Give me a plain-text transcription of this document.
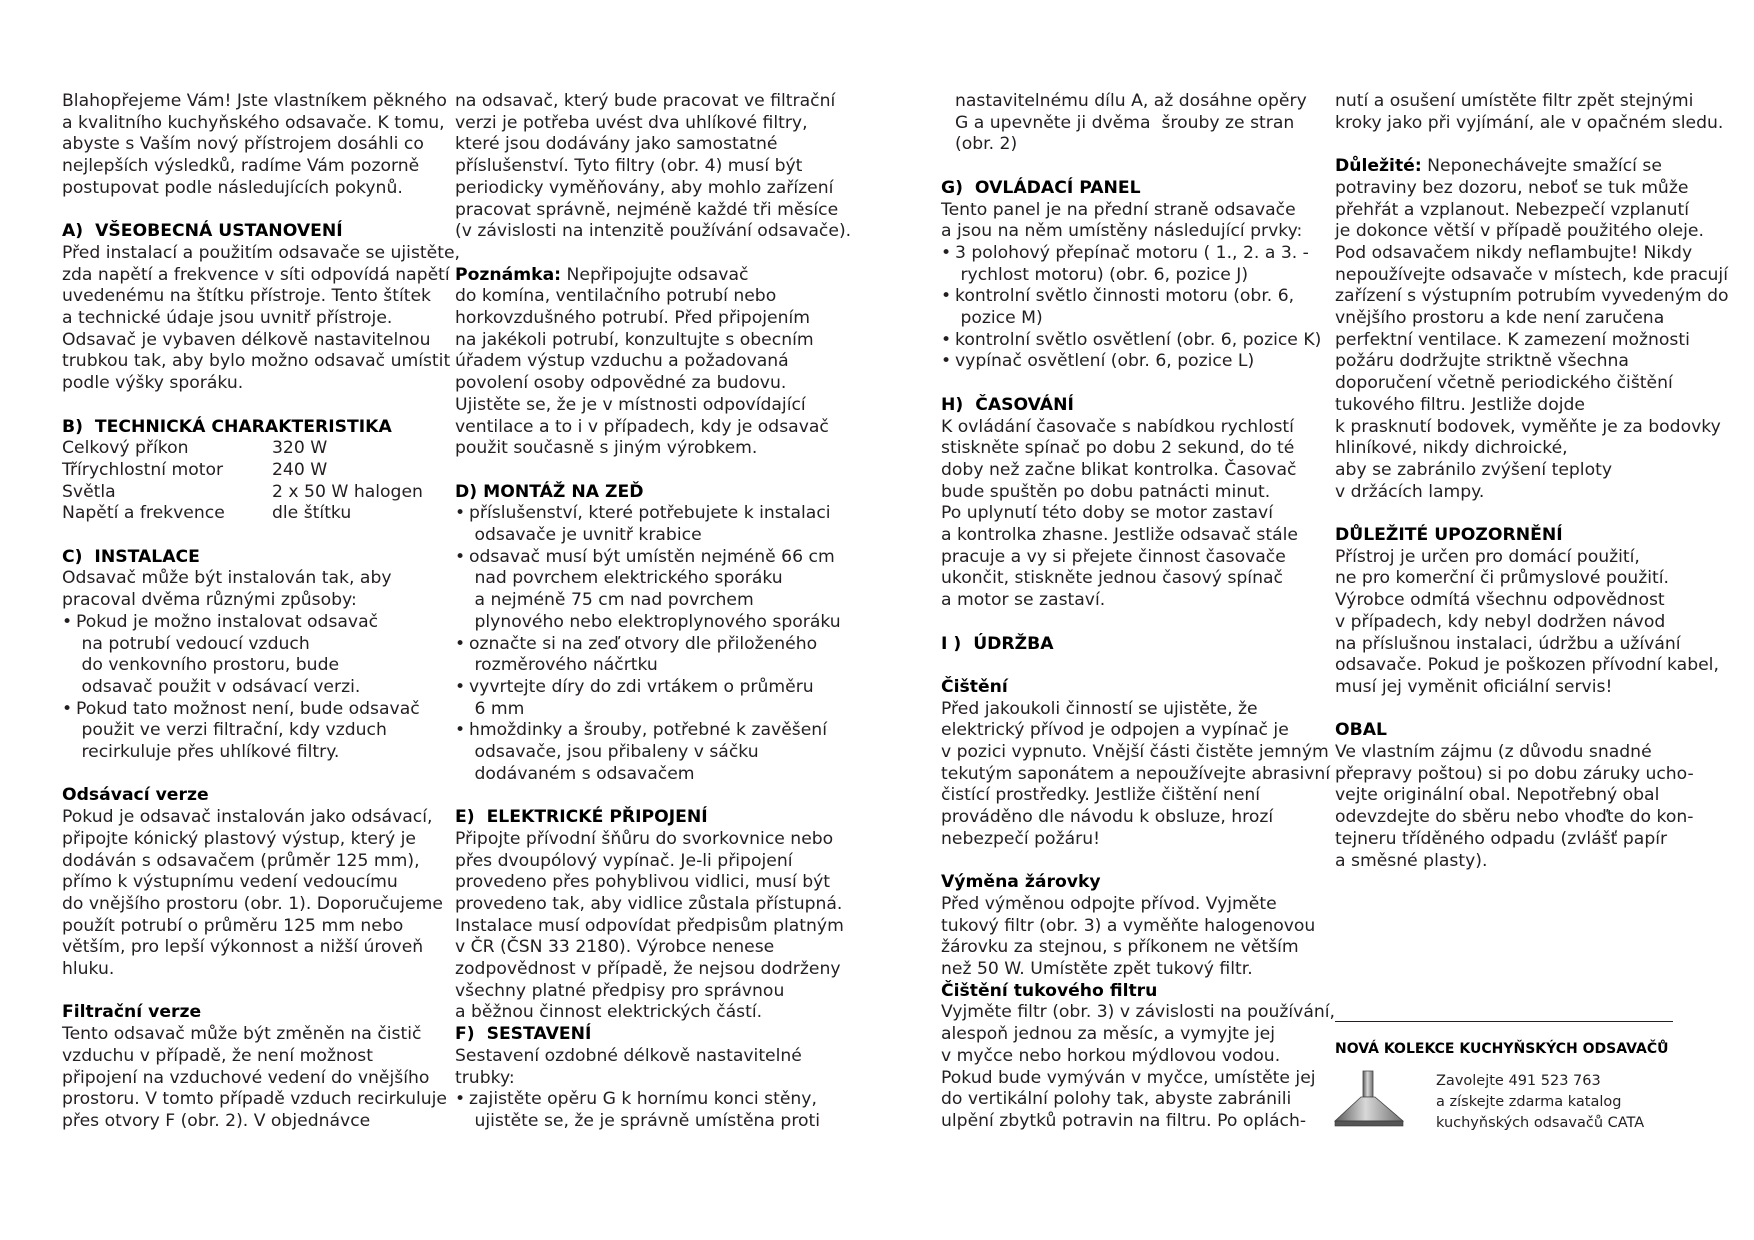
Blahopřejeme Vám! Jste vlastníkem pěkného

a kvalitního kuchyňského odsavače. K tomu,

abyste s Vaším nový přístrojem dosáhli co

nejlepších výsledků, radíme Vám pozorně

postupovat podle následujících pokynů.

A)  VŠEOBECNÁ USTANOVENÍ

Před instalací a použitím odsavače se ujistěte,

zda napětí a frekvence v síti odpovídá napětí

uvedenému na štítku přístroje. Tento štítek

a technické údaje jsou uvnitř přístroje.

Odsavač je vybaven délkově nastavitelnou

trubkou tak, aby bylo možno odsavač umístit

podle výšky sporáku.

B)  TECHNICKÁ CHARAKTERISTIKA

Celkový příkon	320 W
Třírychlostní motor	240 W
Světla	2 x 50 W halogen
Napětí a frekvence	dle štítku

C)  INSTALACE

Odsavač může být instalován tak, aby

pracoval dvěma různými způsoby:

• Pokud je možno instalovat odsavač
na potrubí vedoucí vzduch
do venkovního prostoru, bude
odsavač použit v odsávací verzi.
• Pokud tato možnost není, bude odsavač
použit ve verzi filtrační, kdy vzduch
recirkuluje přes uhlíkové filtry.

Odsávací verze

Pokud je odsavač instalován jako odsávací,

připojte kónický plastový výstup, který je

dodáván s odsavačem (průměr 125 mm),

přímo k výstupnímu vedení vedoucímu

do vnějšího prostoru (obr. 1). Doporučujeme

použít potrubí o průměru 125 mm nebo

větším, pro lepší výkonnost a nižší úroveň

hluku.

Filtrační verze

Tento odsavač může být změněn na čistič

vzduchu v případě, že není možnost

připojení na vzduchové vedení do vnějšího

prostoru. V tomto případě vzduch recirkuluje

přes otvory F (obr. 2). V objednávce

na odsavač, který bude pracovat ve filtrační

verzi je potřeba uvést dva uhlíkové filtry,

které jsou dodávány jako samostatné

příslušenství. Tyto filtry (obr. 4) musí být

periodicky vyměňovány, aby mohlo zařízení

pracovat správně, nejméně každé tři měsíce

(v závislosti na intenzitě používání odsavače).

Poznámka: Nepřipojujte odsavač

do komína, ventilačního potrubí nebo

horkovzdušného potrubí. Před připojením

na jakékoli potrubí, konzultujte s obecním

úřadem výstup vzduchu a požadovaná

povolení osoby odpovědné za budovu.

Ujistěte se, že je v místnosti odpovídající

ventilace a to i v případech, kdy je odsavač

použit současně s jiným výrobkem.

D) MONTÁŽ NA ZEĎ

• příslušenství, které potřebujete k instalaci
odsavače je uvnitř krabice
• odsavač musí být umístěn nejméně 66 cm
nad povrchem elektrického sporáku
a nejméně 75 cm nad povrchem
plynového nebo elektroplynového sporáku
• označte si na zeď otvory dle přiloženého
rozměrového náčrtku
• vyvrtejte díry do zdi vrtákem o průměru
6 mm
• hmoždinky a šrouby, potřebné k zavěšení
odsavače, jsou přibaleny v sáčku
dodávaném s odsavačem

E)  ELEKTRICKÉ PŘIPOJENÍ

Připojte přívodní šňůru do svorkovnice nebo

přes dvoupólový vypínač. Je-li připojení

provedeno přes pohyblivou vidlici, musí být

provedeno tak, aby vidlice zůstala přístupná.

Instalace musí odpovídat předpisům platným

v ČR (ČSN 33 2180). Výrobce nenese

zodpovědnost v případě, že nejsou dodrženy

všechny platné předpisy pro správnou

a běžnou činnost elektrických částí.

F)  SESTAVENÍ

Sestavení ozdobné délkově nastavitelné

trubky:

• zajistěte opěru G k hornímu konci stěny,
ujistěte se, že je správně umístěna proti

nastavitelnému dílu A, až dosáhne opěry

G a upevněte ji dvěma  šrouby ze stran

(obr. 2)

G)  OVLÁDACÍ PANEL

Tento panel je na přední straně odsavače

a jsou na něm umístěny následující prvky:

• 3 polohový přepínač motoru ( 1., 2. a 3. -
rychlost motoru) (obr. 6, pozice J)
• kontrolní světlo činnosti motoru (obr. 6,
pozice M)
• kontrolní světlo osvětlení (obr. 6, pozice K)
• vypínač osvětlení (obr. 6, pozice L)

H)  ČASOVÁNÍ

K ovládání časovače s nabídkou rychlostí

stiskněte spínač po dobu 2 sekund, do té

doby než začne blikat kontrolka. Časovač

bude spuštěn po dobu patnácti minut.

Po uplynutí této doby se motor zastaví

a kontrolka zhasne. Jestliže odsavač stále

pracuje a vy si přejete činnost časovače

ukončit, stiskněte jednou časový spínač

a motor se zastaví.

I )  ÚDRŽBA

Čištění

Před jakoukoli činností se ujistěte, že

elektrický přívod je odpojen a vypínač je

v pozici vypnuto. Vnější části čistěte jemným

tekutým saponátem a nepoužívejte abrasivní

čistící prostředky. Jestliže čištění není

prováděno dle návodu k obsluze, hrozí

nebezpečí požáru!

Výměna žárovky

Před výměnou odpojte přívod. Vyjměte

tukový filtr (obr. 3) a vyměňte halogenovou

žárovku za stejnou, s příkonem ne větším

než 50 W. Umístěte zpět tukový filtr.

Čištění tukového filtru

Vyjměte filtr (obr. 3) v závislosti na používání,

alespoň jednou za měsíc, a vymyjte jej

v myčce nebo horkou mýdlovou vodou.

Pokud bude vymýván v myčce, umístěte jej

do vertikální polohy tak, abyste zabránili

ulpění zbytků potravin na filtru. Po oplách-

nutí a osušení umístěte filtr zpět stejnými

kroky jako při vyjímání, ale v opačném sledu.

Důležité: Neponechávejte smažící se

potraviny bez dozoru, neboť se tuk může

přehřát a vzplanout. Nebezpečí vzplanutí

je dokonce větší v případě použitého oleje.

Pod odsavačem nikdy neflambujte! Nikdy

nepoužívejte odsavače v místech, kde pracují

zařízení s výstupním potrubím vyvedeným do

vnějšího prostoru a kde není zaručena

perfektní ventilace. K zamezení možnosti

požáru dodržujte striktně všechna

doporučení včetně periodického čištění

tukového filtru. Jestliže dojde

k prasknutí bodovek, vyměňte je za bodovky

hliníkové, nikdy dichroické,

aby se zabránilo zvýšení teploty

v držácích lampy.

DŮLEŽITÉ UPOZORNĚNÍ

Přístroj je určen pro domácí použití,

ne pro komerční či průmyslové použití.

Výrobce odmítá všechnu odpovědnost

v případech, kdy nebyl dodržen návod

na příslušnou instalaci, údržbu a užívání

odsavače. Pokud je poškozen přívodní kabel,

musí jej vyměnit oficiální servis!

OBAL

Ve vlastním zájmu (z důvodu snadné

přepravy poštou) si po dobu záruky ucho-

vejte originální obal. Nepotřebný obal

odevzdejte do sběru nebo vhoďte do kon-

tejneru tříděného odpadu (zvlášť papír

a směsné plasty).

NOVÁ KOLEKCE KUCHYŇSKÝCH ODSAVAČŮ

Zavolejte 491 523 763

a získejte zdarma katalog

kuchyňských odsavačů CATA
